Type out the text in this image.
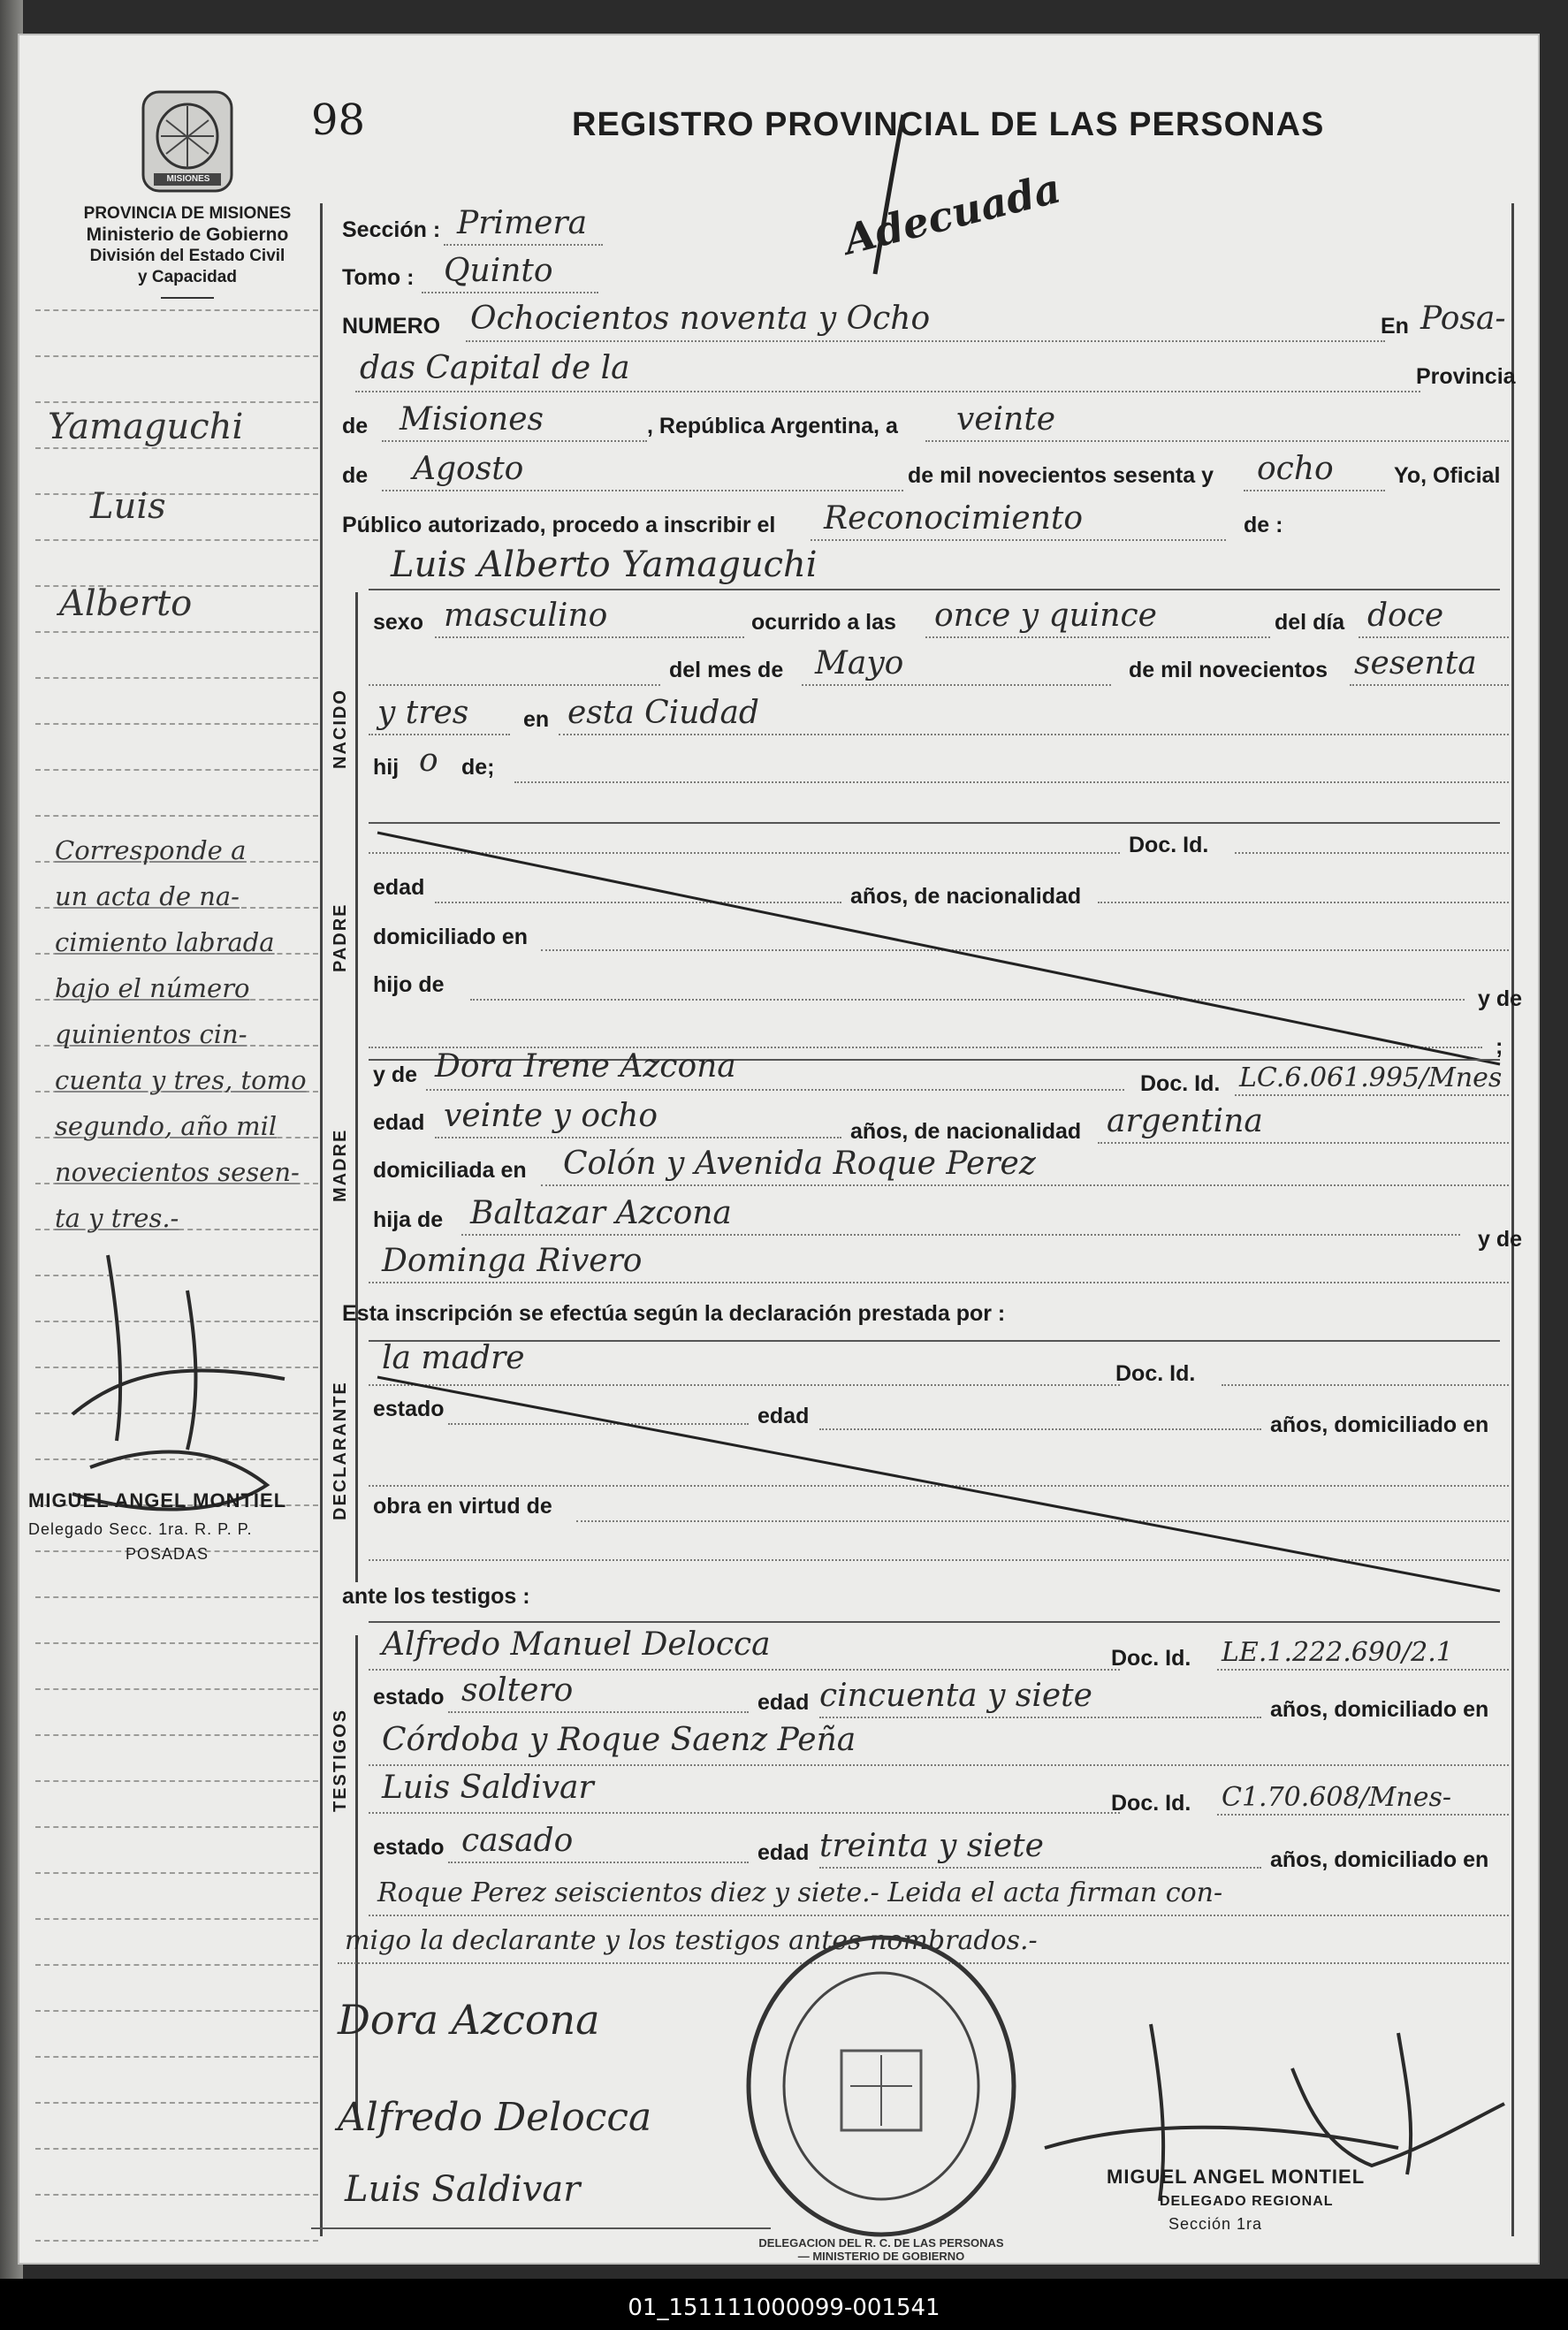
MISIONES
98	REGISTRO PROVINCIAL DE LAS PERSONAS
Adecuada
PROVINCIA DE MISIONES
Ministerio de Gobierno
División del Estado Civil
y Capacidad
Yamaguchi
Luis
Alberto
Corresponde a
un acta de na-
cimiento labrada
bajo el número
quinientos cin-
cuenta y tres, tomo
segundo, año mil
novecientos sesen-
ta y tres.-
MIGUEL ANGEL MONTIEL
Delegado Secc. 1ra. R. P. P.
POSADAS
NACIDO
PADRE
MADRE
DECLARANTE
TESTIGOS
Sección : Primera
Tomo : Quinto
NUMERO Ochocientos noventa y Ocho	En Posa-
das Capital de la	Provincia
de Misiones	, República Argentina, a veinte
de Agosto	de mil novecientos sesenta y ocho	Yo, Oficial
Público autorizado, procedo a inscribir el Reconocimiento	de :
Luis Alberto Yamaguchi
sexo masculino	ocurrido a las once y quince	del día doce
del mes de Mayo	de mil novecientos sesenta
y tres en esta Ciudad
hij o de;
Doc. Id.
edad	años, de nacionalidad
domiciliado en
hijo de
y de
;
y de Dora Irene Azcona	Doc. Id. LC.6.061.995/Mnes
edad veinte y ocho	años, de nacionalidad argentina
domiciliada en Colón y Avenida Roque Perez
hija de Baltazar Azcona
y de
Dominga Rivero
Esta inscripción se efectúa según la declaración prestada por :
la madre	Doc. Id.
estado	edad	años, domiciliado en
obra en virtud de
ante los testigos :
Alfredo Manuel Delocca	Doc. Id. LE.1.222.690/2.1
estado soltero	edad cincuenta y siete	años, domiciliado en
Córdoba y Roque Saenz Peña
Luis Saldivar	Doc. Id. C1.70.608/Mnes-
estado casado	edad treinta y siete	años, domiciliado en
Roque Perez seiscientos diez y siete.- Leida el acta firman con-
migo la declarante y los testigos antes nombrados.-
Dora Azcona
Alfredo Delocca
Luis Saldivar
DELEGACION DEL R. C. DE LAS PERSONAS — MINISTERIO DE GOBIERNO
MIGUEL ANGEL MONTIEL
DELEGADO REGIONAL
Sección 1ra
01_151111000099-001541
